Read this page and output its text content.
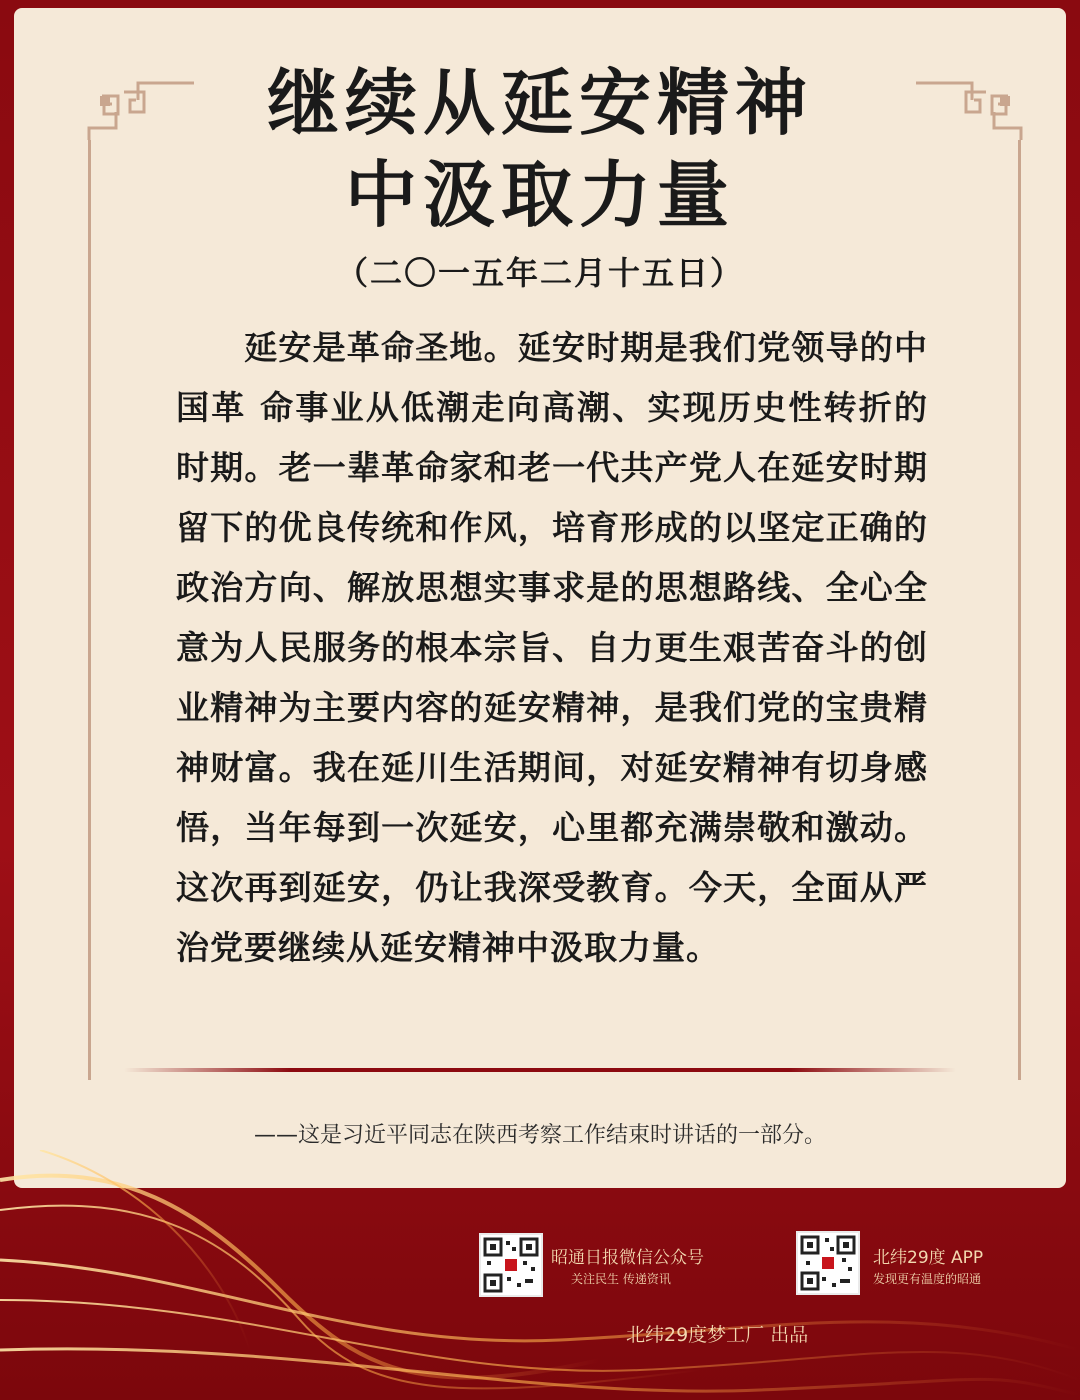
继续从延安精神
中汲取力量
（二〇一五年二月十五日）
延安是革命圣地。延安时期是我们党领导的中国革 命事业从低潮走向高潮、实现历史性转折的时期。老一辈革命家和老一代共产党人在延安时期留下的优良传统和作风，培育形成的以坚定正确的政治方向、解放思想实事求是的思想路线、全心全意为人民服务的根本宗旨、自力更生艰苦奋斗的创业精神为主要内容的延安精神，是我们党的宝贵精神财富。我在延川生活期间，对延安精神有切身感悟，当年每到一次延安，心里都充满崇敬和激动。这次再到延安，仍让我深受教育。今天，全面从严治党要继续从延安精神中汲取力量。
——这是习近平同志在陕西考察工作结束时讲话的一部分。
昭通日报微信公众号
关注民生 传递资讯
北纬29度 APP
发现更有温度的昭通
北纬29度梦工厂 出品
